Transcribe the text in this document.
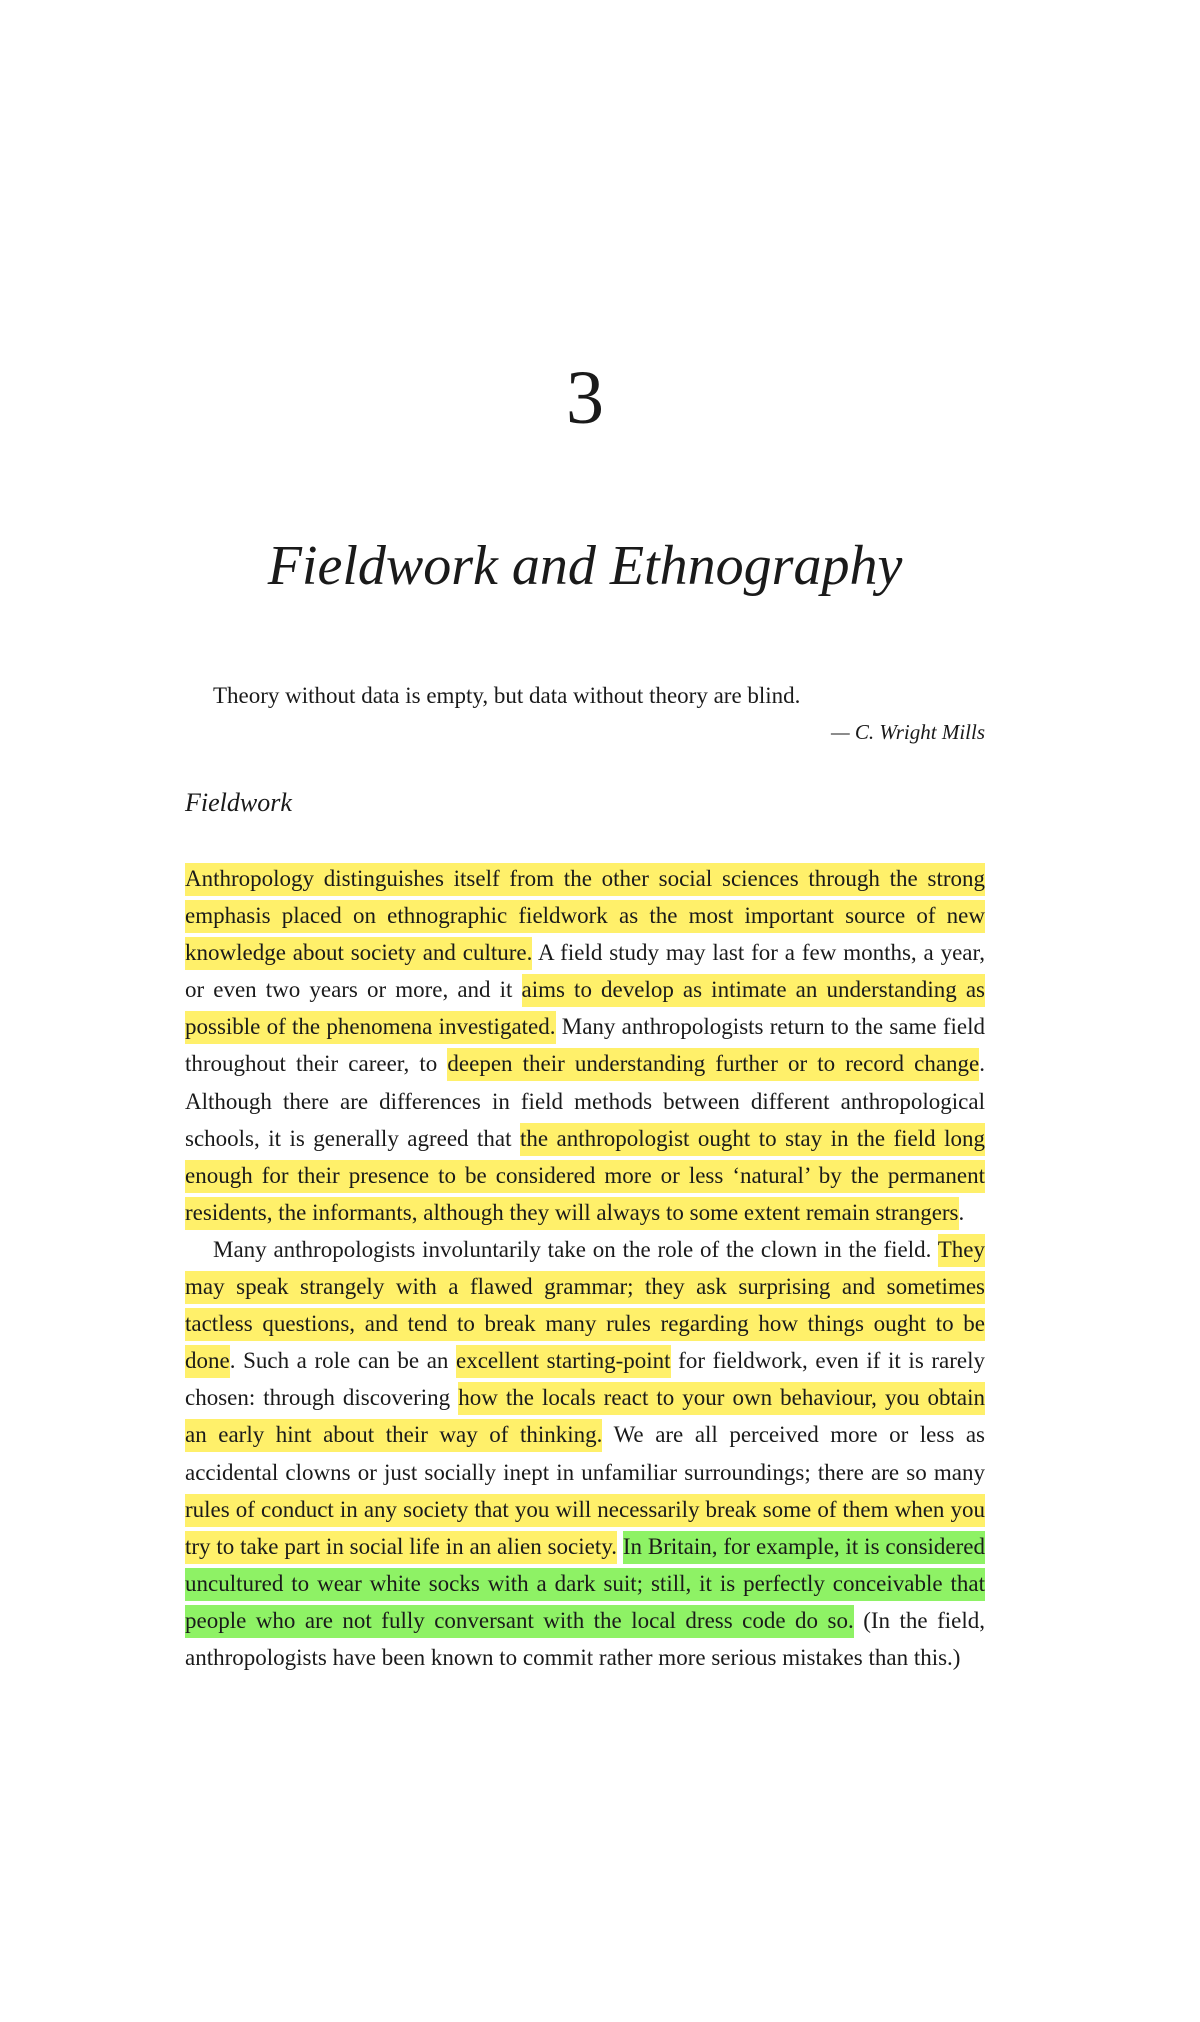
3
Fieldwork and Ethnography

Theory without data is empty, but data without theory are blind.

— C. Wright Mills

Fieldwork

Anthropology distinguishes itself from the other social sciences through the strong emphasis placed on ethnographic fieldwork as the most important source of new knowledge about society and culture. A field study may last for a few months, a year, or even two years or more, and it aims to develop as intimate an understanding as possible of the phenomena investigated. Many anthropologists return to the same field throughout their career, to deepen their understanding further or to record change. Although there are differences in field methods between different anthropological schools, it is generally agreed that the anthropologist ought to stay in the field long enough for their presence to be considered more or less ‘natural’ by the permanent residents, the informants, although they will always to some extent remain strangers.

Many anthropologists involuntarily take on the role of the clown in the field. They may speak strangely with a flawed grammar; they ask surprising and sometimes tactless questions, and tend to break many rules regarding how things ought to be done. Such a role can be an excellent starting-point for fieldwork, even if it is rarely chosen: through discovering how the locals react to your own behaviour, you obtain an early hint about their way of thinking. We are all perceived more or less as accidental clowns or just socially inept in unfamiliar surroundings; there are so many rules of conduct in any society that you will necessarily break some of them when you try to take part in social life in an alien society. In Britain, for example, it is considered uncultured to wear white socks with a dark suit; still, it is perfectly conceivable that people who are not fully conversant with the local dress code do so. (In the field, anthropologists have been known to commit rather more serious mistakes than this.)
